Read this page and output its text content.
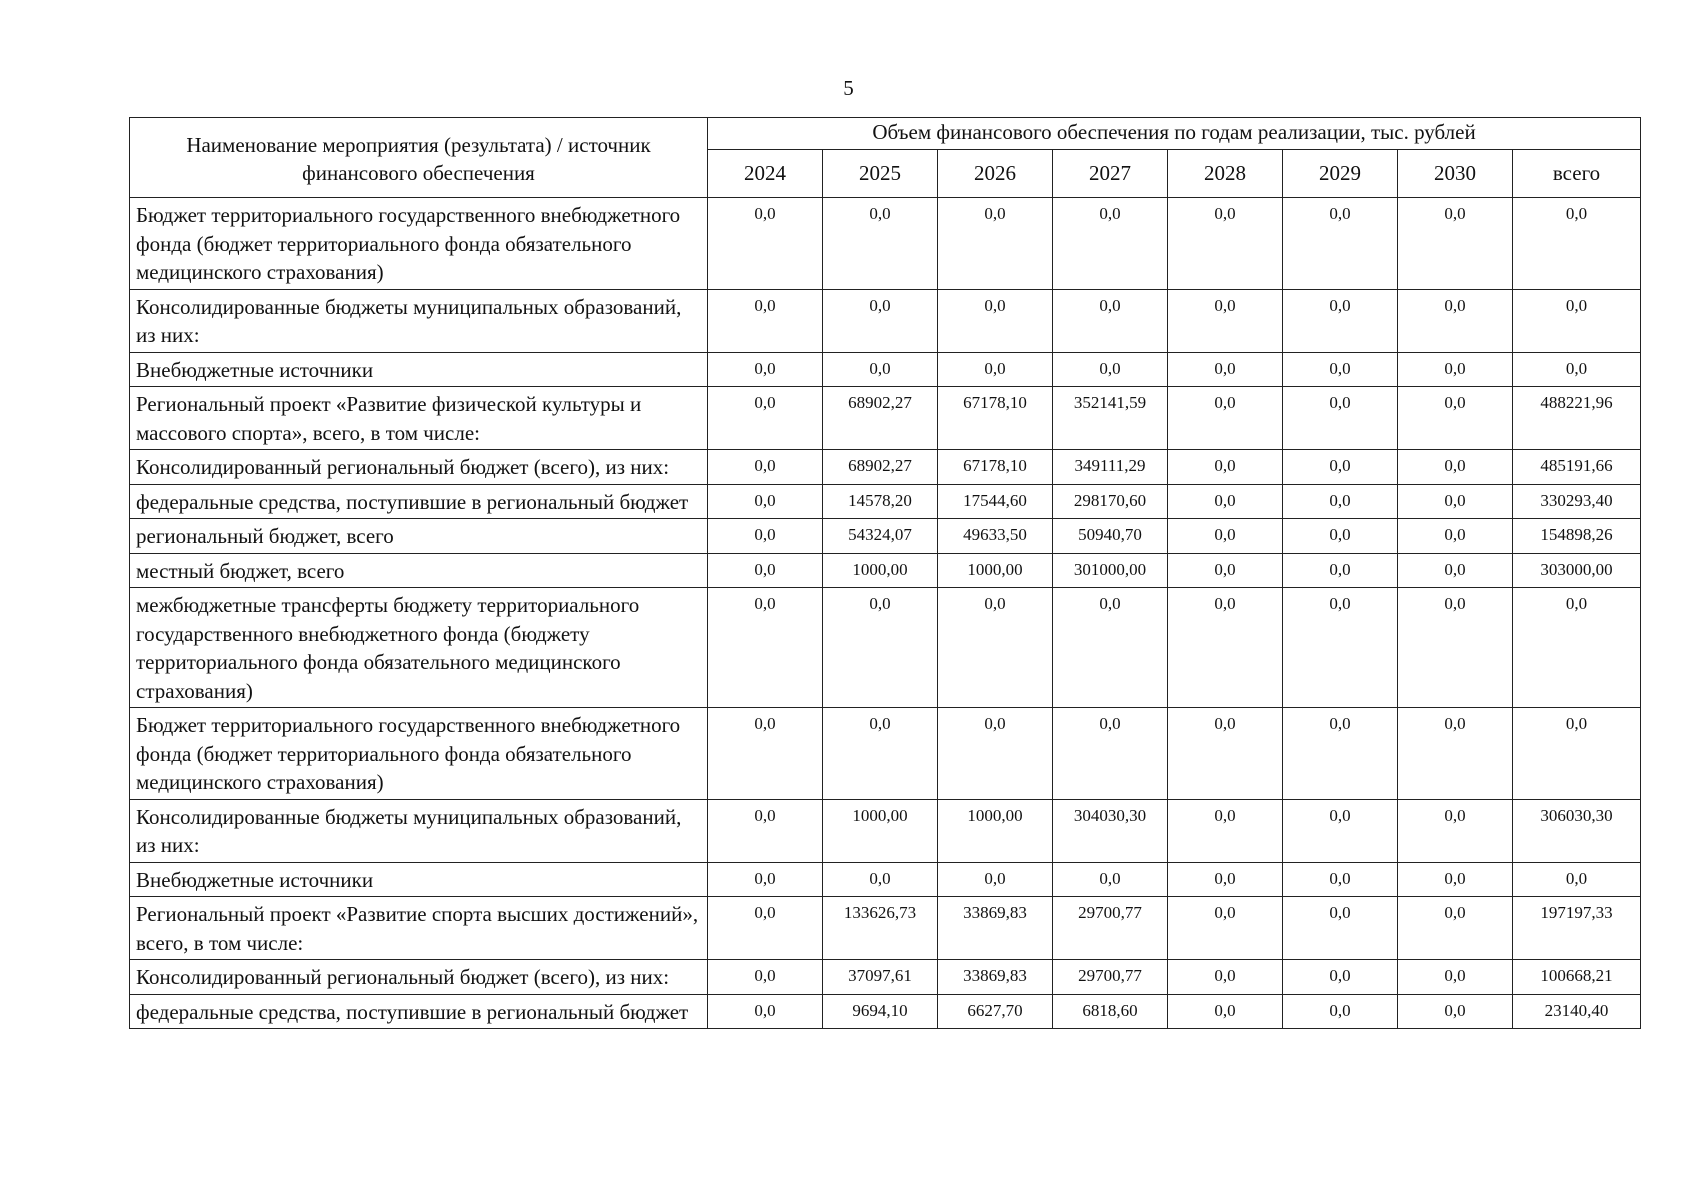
5
Наименование мероприятия (результата) / источник финансового обеспечения	Объем финансового обеспечения по годам реализации, тыс. рублей							
	2024	2025	2026	2027	2028	2029	2030	всего
Бюджет территориального государственного внебюджетного фонда (бюджет территориального фонда обязательного медицинского страхования)	0,0	0,0	0,0	0,0	0,0	0,0	0,0	0,0
Консолидированные бюджеты муниципальных образований, из них:	0,0	0,0	0,0	0,0	0,0	0,0	0,0	0,0
Внебюджетные источники	0,0	0,0	0,0	0,0	0,0	0,0	0,0	0,0
Региональный проект «Развитие физической культуры и массового спорта», всего, в том числе:	0,0	68902,27	67178,10	352141,59	0,0	0,0	0,0	488221,96
Консолидированный региональный бюджет (всего), из них:	0,0	68902,27	67178,10	349111,29	0,0	0,0	0,0	485191,66
федеральные средства, поступившие в региональный бюджет	0,0	14578,20	17544,60	298170,60	0,0	0,0	0,0	330293,40
региональный бюджет, всего	0,0	54324,07	49633,50	50940,70	0,0	0,0	0,0	154898,26
местный бюджет, всего	0,0	1000,00	1000,00	301000,00	0,0	0,0	0,0	303000,00
межбюджетные трансферты бюджету территориального государственного внебюджетного фонда (бюджету территориального фонда обязательного медицинского страхования)	0,0	0,0	0,0	0,0	0,0	0,0	0,0	0,0
Бюджет территориального государственного внебюджетного фонда (бюджет территориального фонда обязательного медицинского страхования)	0,0	0,0	0,0	0,0	0,0	0,0	0,0	0,0
Консолидированные бюджеты муниципальных образований, из них:	0,0	1000,00	1000,00	304030,30	0,0	0,0	0,0	306030,30
Внебюджетные источники	0,0	0,0	0,0	0,0	0,0	0,0	0,0	0,0
Региональный проект «Развитие спорта высших достижений», всего, в том числе:	0,0	133626,73	33869,83	29700,77	0,0	0,0	0,0	197197,33
Консолидированный региональный бюджет (всего), из них:	0,0	37097,61	33869,83	29700,77	0,0	0,0	0,0	100668,21
федеральные средства, поступившие в региональный бюджет	0,0	9694,10	6627,70	6818,60	0,0	0,0	0,0	23140,40
